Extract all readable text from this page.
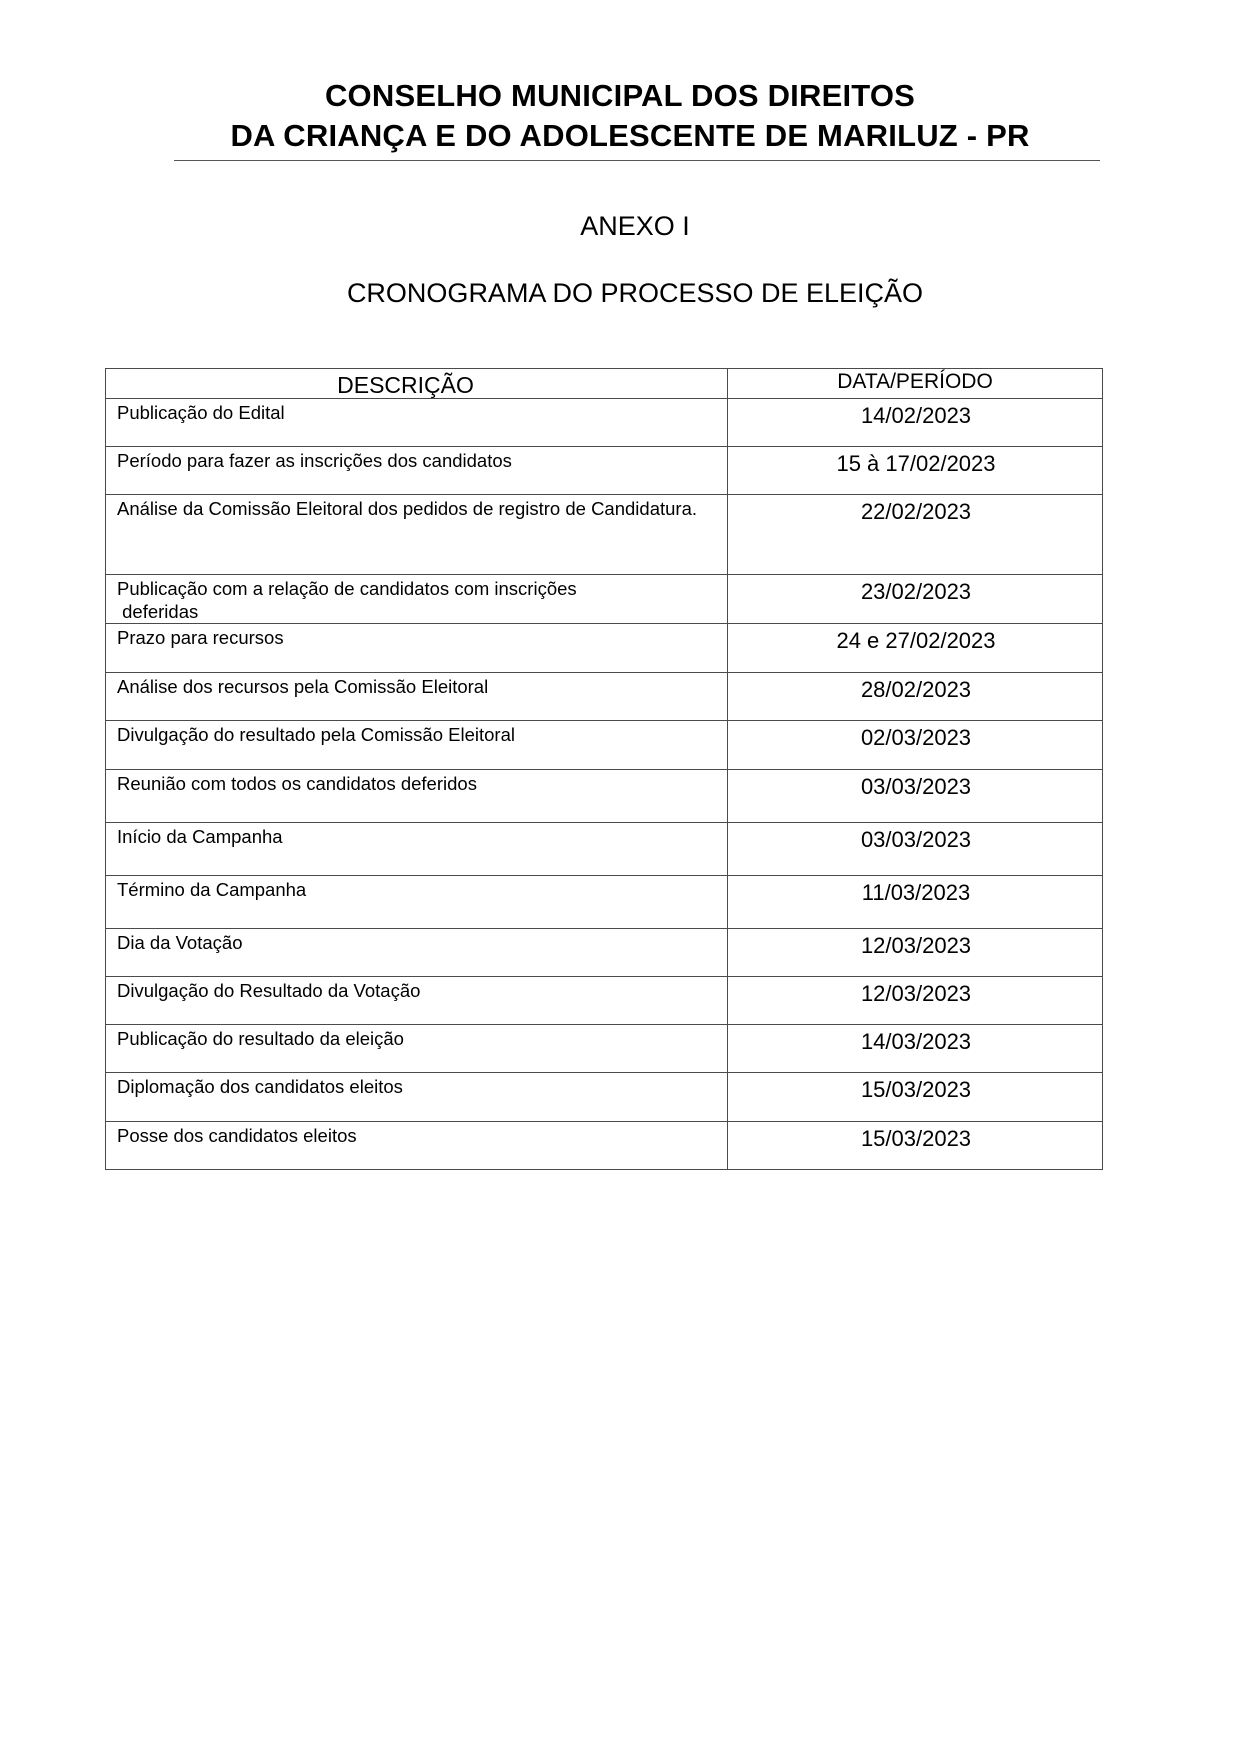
CONSELHO MUNICIPAL DOS DIREITOS
DA CRIANÇA E DO ADOLESCENTE DE MARILUZ - PR
ANEXO I
CRONOGRAMA DO PROCESSO DE ELEIÇÃO
DESCRIÇÃO	DATA/PERÍODO

Publicação do Edital	14/02/2023
Período para fazer as inscrições dos candidatos	15 à 17/02/2023
Análise da Comissão Eleitoral dos pedidos de registro de Candidatura.	22/02/2023
Publicação com a relação de candidatos com inscrições
deferidas	23/02/2023
Prazo para recursos	24 e 27/02/2023
Análise dos recursos pela Comissão Eleitoral	28/02/2023
Divulgação do resultado pela Comissão Eleitoral	02/03/2023
Reunião com todos os candidatos deferidos	03/03/2023
Início da Campanha	03/03/2023
Término da Campanha	11/03/2023
Dia da Votação	12/03/2023
Divulgação do Resultado da Votação	12/03/2023
Publicação do resultado da eleição	14/03/2023
Diplomação dos candidatos eleitos	15/03/2023
Posse dos candidatos eleitos	15/03/2023
